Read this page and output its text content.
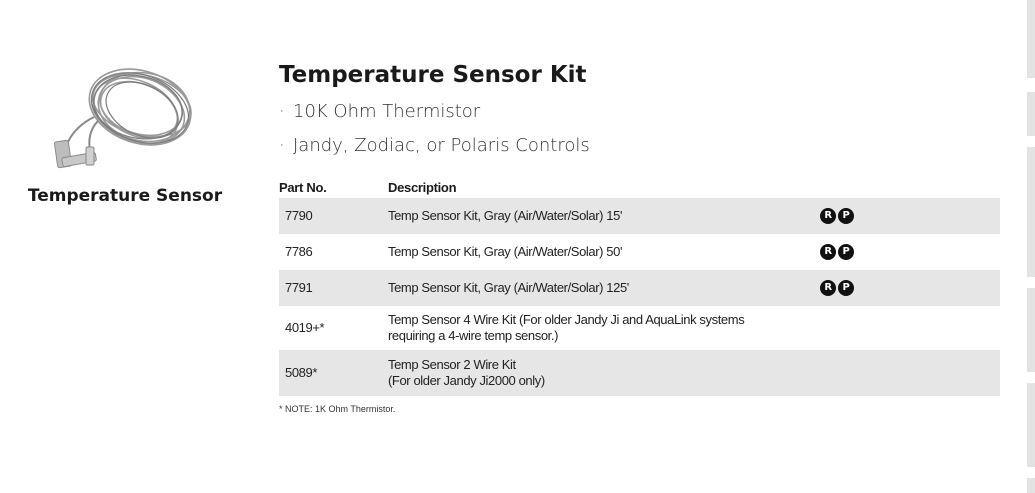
Temperature Sensor
Temperature Sensor Kit
· 10K Ohm Thermistor
· Jandy, Zodiac, or Polaris Controls
Part No.	Description	
7790	Temp Sensor Kit, Gray (Air/Water/Solar) 15'	R P
7786	Temp Sensor Kit, Gray (Air/Water/Solar) 50'	R P
7791	Temp Sensor Kit, Gray (Air/Water/Solar) 125'	R P
4019+*	Temp Sensor 4 Wire Kit (For older Jandy Ji and AquaLink systems
requiring a 4-wire temp sensor.)	

5089*	Temp Sensor 2 Wire Kit
(For older Jandy Ji2000 only)	

* NOTE: 1K Ohm Thermistor.
